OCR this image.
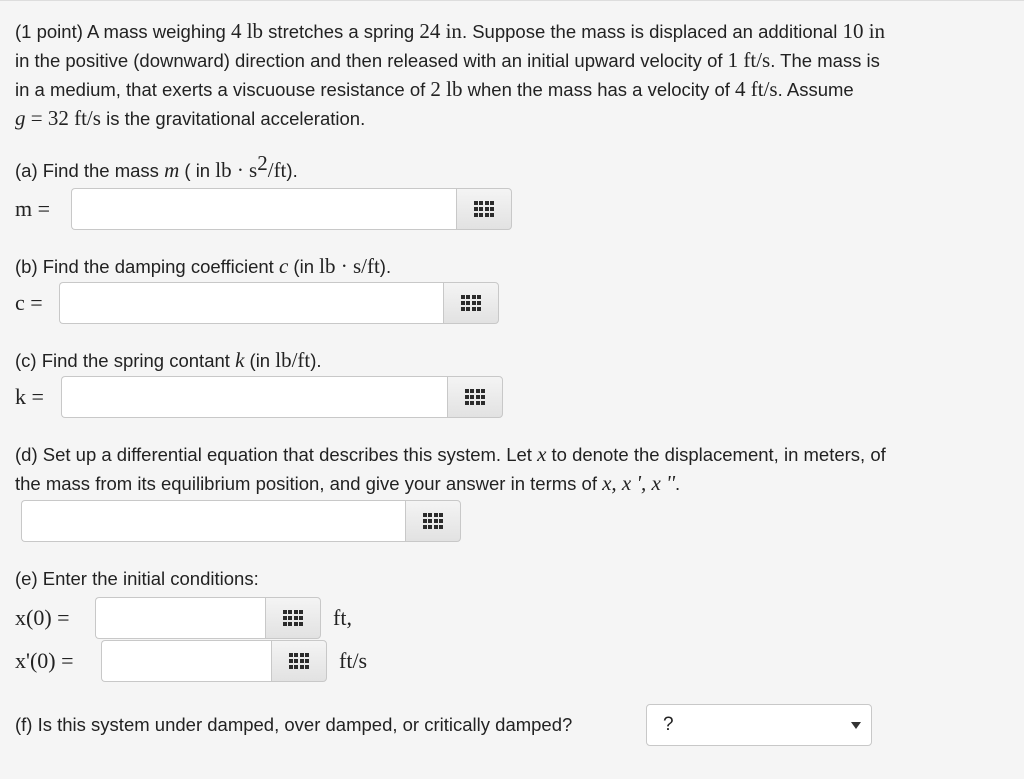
(1 point) A mass weighing 4 lb stretches a spring 24 in. Suppose the mass is displaced an additional 10 in

in the positive (downward) direction and then released with an initial upward velocity of 1 ft/s. The mass is

in a medium, that exerts a viscuouse resistance of 2 lb when the mass has a velocity of 4 ft/s. Assume

g = 32 ft/s is the gravitational acceleration.

(a) Find the mass m ( in lb · $s^2/ft$).

m =

(b) Find the damping coefficient c (in lb · s/ft).

c =

(c) Find the spring contant k (in lb/ft).

k =

(d) Set up a differential equation that describes this system. Let x to denote the displacement, in meters, of

the mass from its equilibrium position, and give your answer in terms of x, x ', x ''.

(e) Enter the initial conditions:

x(0) =	ft,
x'(0) =	ft/s

(f) Is this system under damped, over damped, or critically damped?	?
